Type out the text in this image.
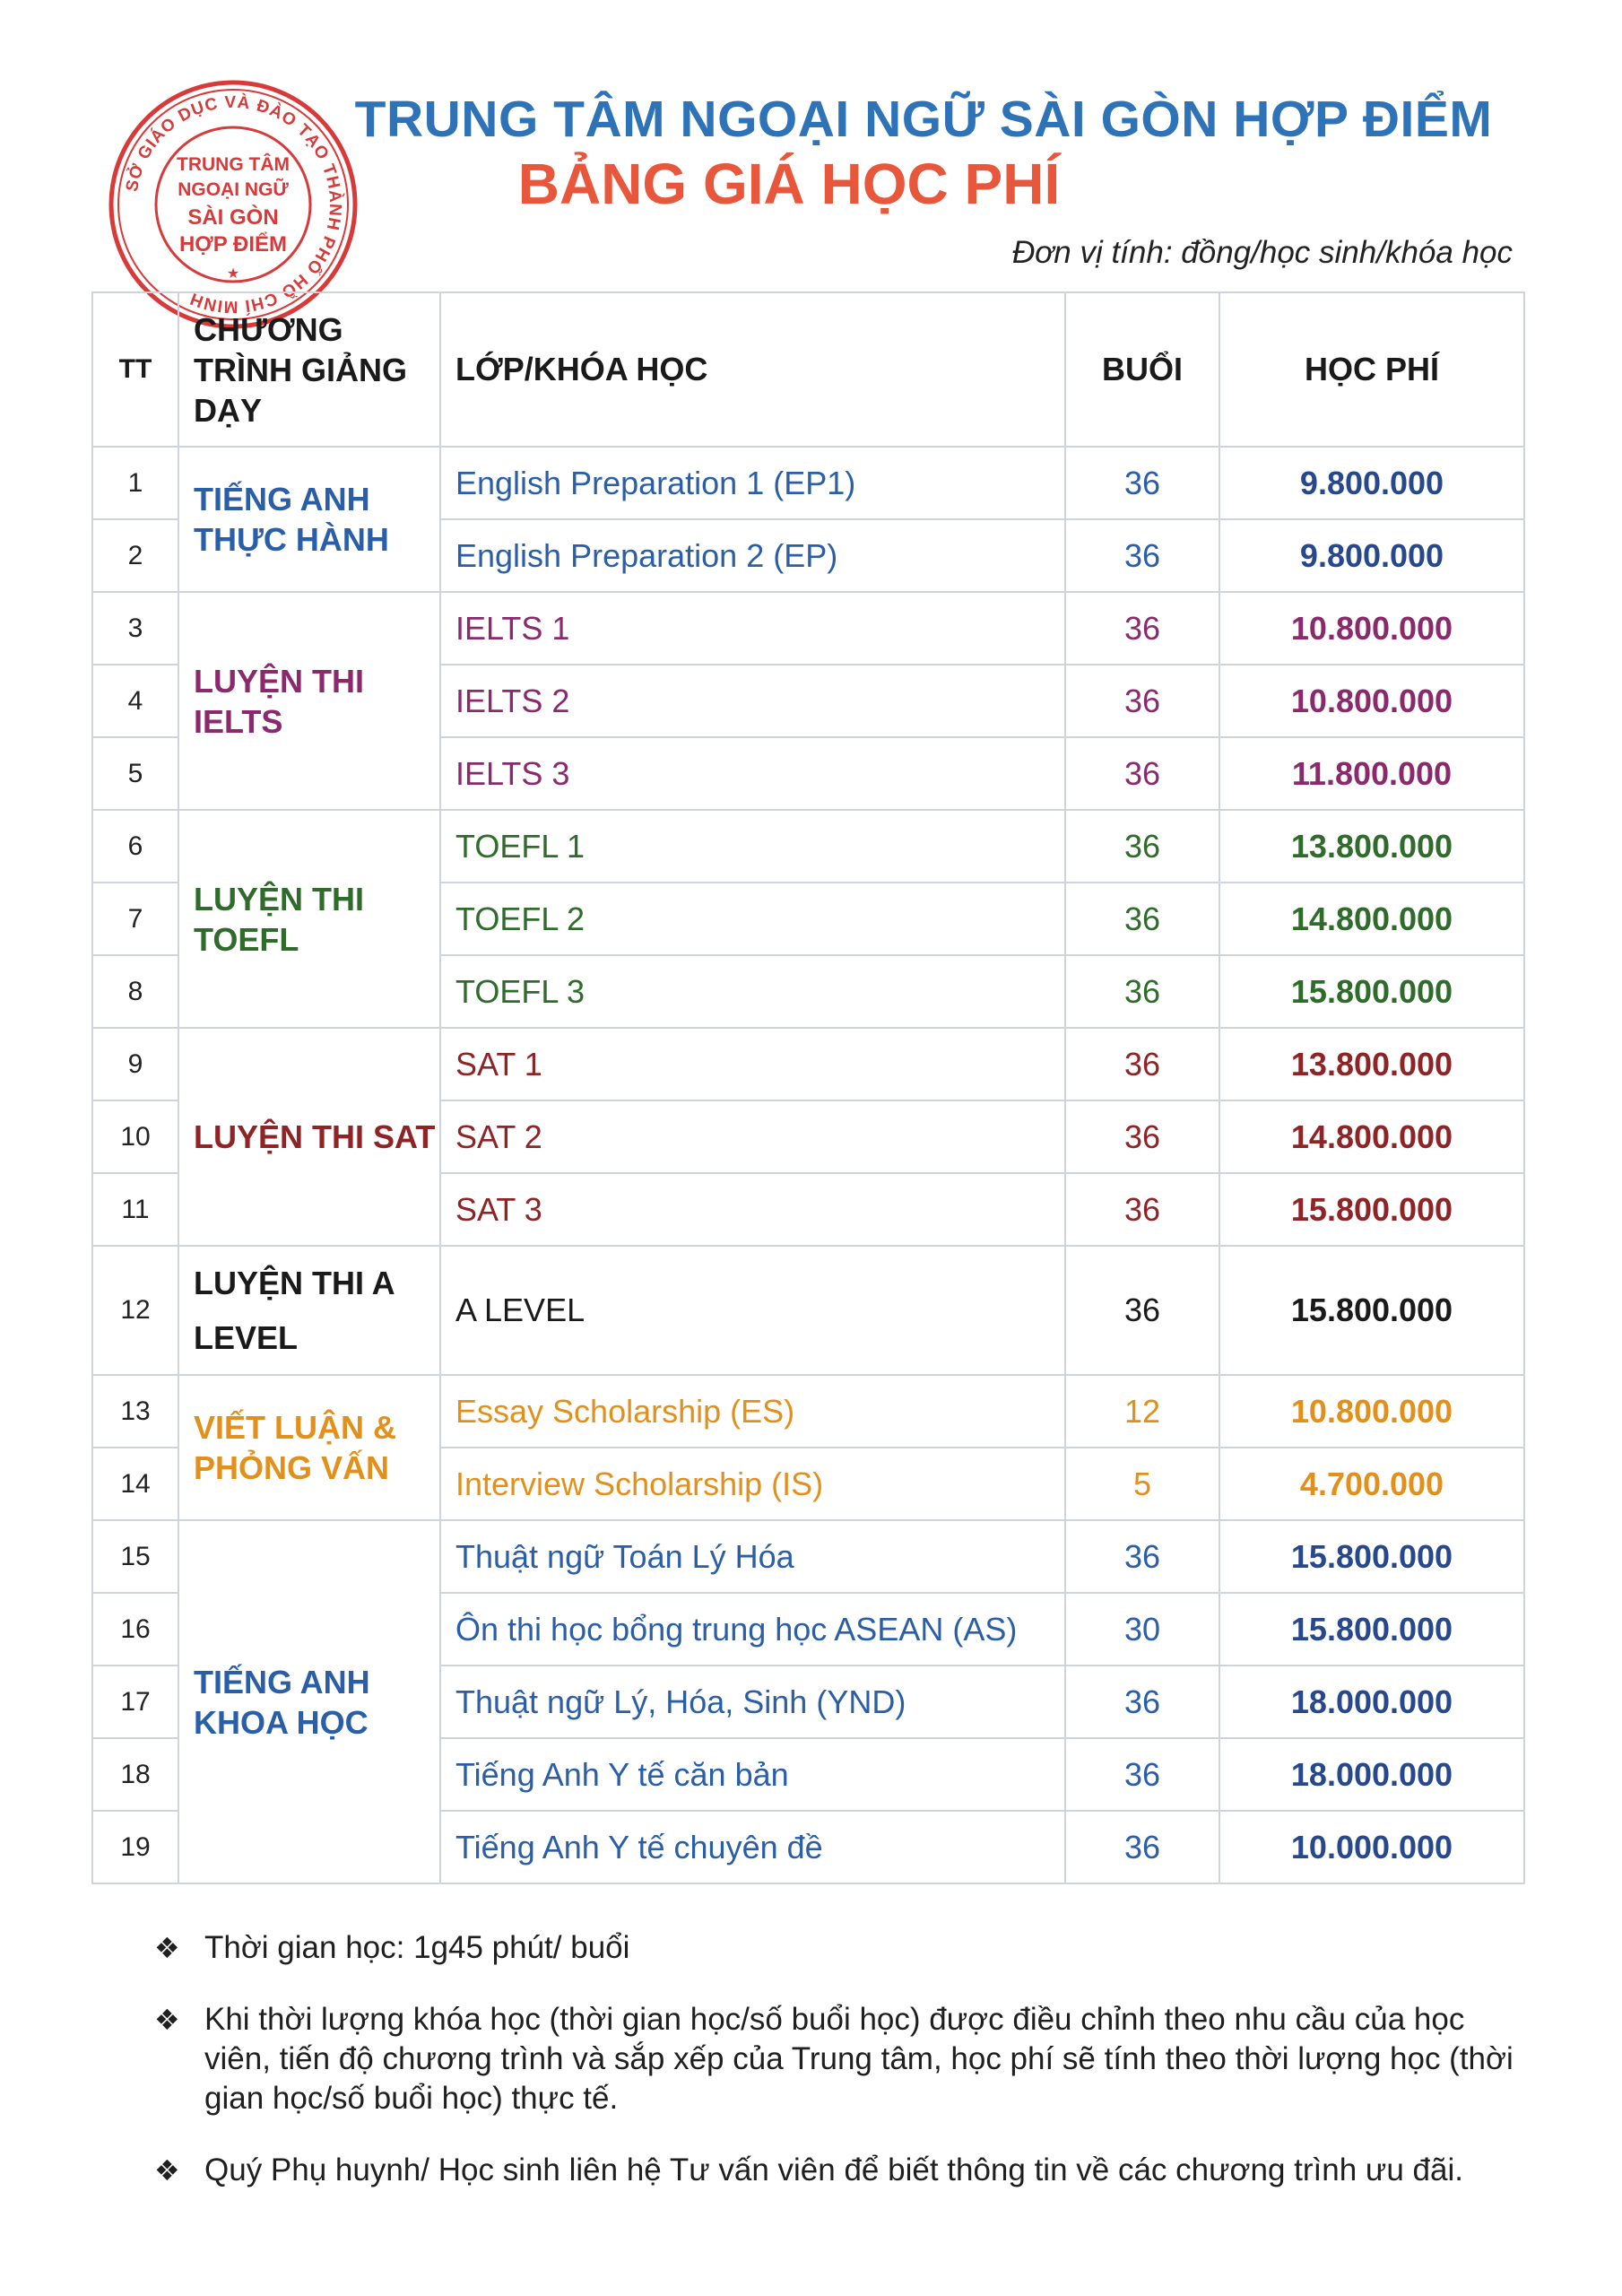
SỞ GIÁO DỤC VÀ ĐÀO TẠO THÀNH PHỐ HỒ CHÍ MINH
TRUNG TÂM
NGOẠI NGỮ
SÀI GÒN
HỢP ĐIỂM
★
TRUNG TÂM NGOẠI NGỮ SÀI GÒN HỢP ĐIỂM
BẢNG GIÁ HỌC PHÍ
Đơn vị tính: đồng/học sinh/khóa học
TT	CHƯƠNG TRÌNH GIẢNG DẠY	LỚP/KHÓA HỌC	BUỔI	HỌC PHÍ
1	TIẾNG ANH THỰC HÀNH	English Preparation 1 (EP1)	36	9.800.000
2		English Preparation 2 (EP)	36	9.800.000
3	LUYỆN THI IELTS	IELTS 1	36	10.800.000
4		IELTS 2	36	10.800.000
5		IELTS 3	36	11.800.000
6	LUYỆN THI TOEFL	TOEFL 1	36	13.800.000
7		TOEFL 2	36	14.800.000
8		TOEFL 3	36	15.800.000
9	LUYỆN THI SAT	SAT 1	36	13.800.000
10		SAT 2	36	14.800.000
11		SAT 3	36	15.800.000
12	LUYỆN THI A LEVEL	A LEVEL	36	15.800.000
13	VIẾT LUẬN & PHỎNG VẤN	Essay Scholarship (ES)	12	10.800.000
14		Interview Scholarship (IS)	5	4.700.000
15	TIẾNG ANH KHOA HỌC	Thuật ngữ Toán Lý Hóa	36	15.800.000
16		Ôn thi học bổng trung học ASEAN (AS)	30	15.800.000
17		Thuật ngữ Lý, Hóa, Sinh (YND)	36	18.000.000
18		Tiếng Anh Y tế căn bản	36	18.000.000
19		Tiếng Anh Y tế chuyên đề	36	10.000.000
❖ Thời gian học: 1g45 phút/ buổi
❖ Khi thời lượng khóa học (thời gian học/số buổi học) được điều chỉnh theo nhu cầu của học viên, tiến độ chương trình và sắp xếp của Trung tâm, học phí sẽ tính theo thời lượng học (thời gian học/số buổi học) thực tế.
❖ Quý Phụ huynh/ Học sinh liên hệ Tư vấn viên để biết thông tin về các chương trình ưu đãi.
